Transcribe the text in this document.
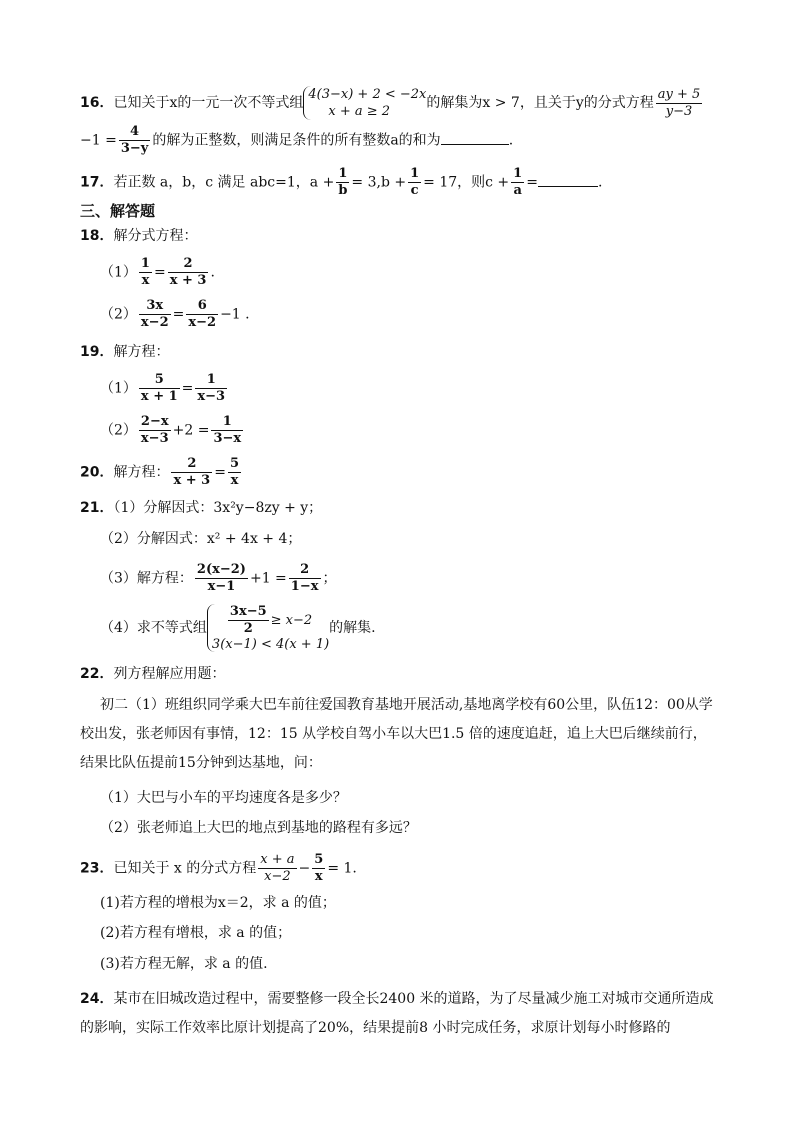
16．已知关于x的一元一次不等式组
4(3−x) + 2 < −2x
x + a ≥ 2
的解集为x > 7，且关于y的分式方程 $\frac{ay + 5}{y-3}$
$-1 = \frac{4}{3-y}$ 的解为正整数，则满足条件的所有整数a的和为	.
17．若正数 a，b，c 满足 abc=1，$a + \frac{1}{b} = 3,b + \frac{1}{c} = 17$，则$c + \frac{1}{a}$ =	.
三、解答题
18．解分式方程：
$(1) \frac{1}{x} = \frac{2}{x + 3}$ .
$(2) \frac{3x}{x-2} = \frac{6}{x-2} -1$ .
19．解方程：
$(1) \frac{5}{x + 1} = \frac{1}{x-3}$
$(2) \frac{2-x}{x-3} +2 = \frac{1}{3-x}$
20．解方程： $\frac{2}{x + 3} = \frac{5}{x}$
21．（1）分解因式：3x²y−8zy + y；
（2）分解因式：x² + 4x + 4；
（3）解方程： $\frac{2(x-2)}{x-1} +1 = \frac{2}{1-x}$ ；
（4）求不等式组 $\frac{3x-5}{2} \ge x-2$
3(x−1) < 4(x + 1)
的解集.
22．列方程解应用题：
初二（1）班组织同学乘大巴车前往爱国教育基地开展活动,基地离学校有60公里，队伍12：00从学校出发，张老师因有事情，12：15 从学校自驾小车以大巴1.5 倍的速度追赶，追上大巴后继续前行，结果比队伍提前15分钟到达基地，问：
（1）大巴与小车的平均速度各是多少？
（2）张老师追上大巴的地点到基地的路程有多远？
23．已知关于 x 的分式方程 $\frac{x + a}{x-2} - \frac{5}{x} = 1$.
(1)若方程的增根为x＝2，求 a 的值；
(2)若方程有增根，求 a 的值；
(3)若方程无解，求 a 的值.
24．某市在旧城改造过程中，需要整修一段全长2400 米的道路，为了尽量减少施工对城市交通所造成的影响，实际工作效率比原计划提高了20%，结果提前8 小时完成任务，求原计划每小时修路的
